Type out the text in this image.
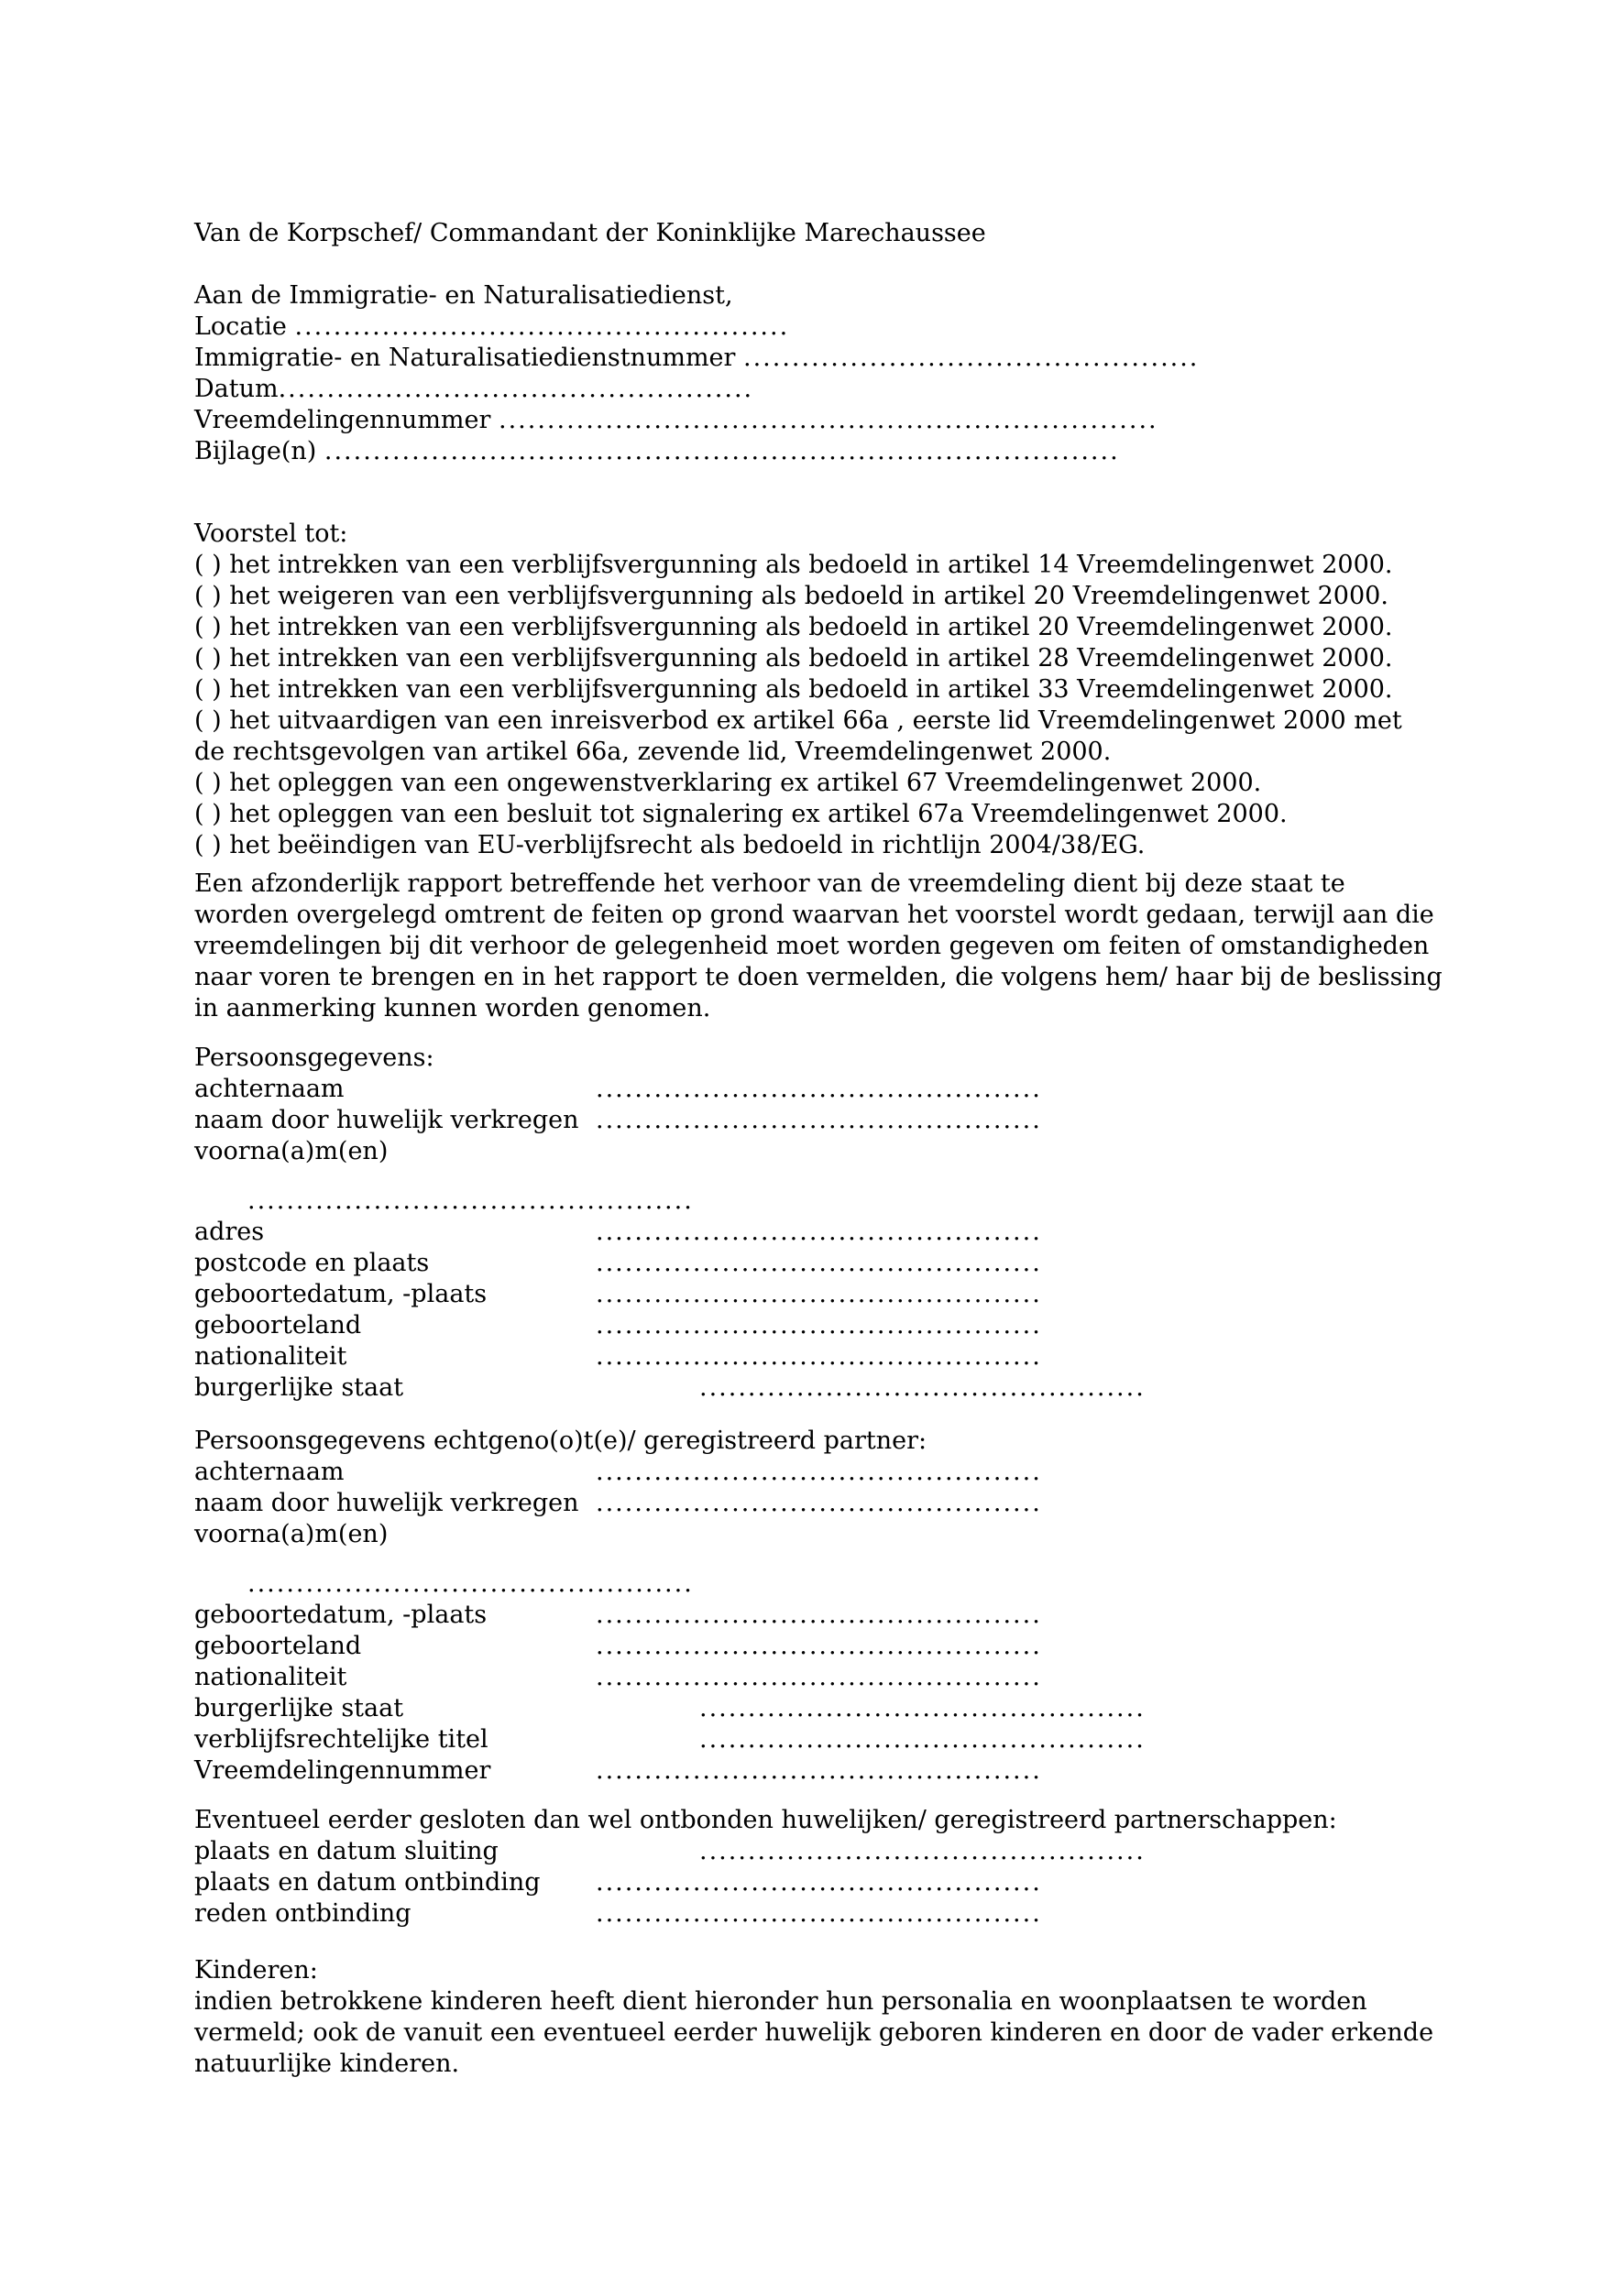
Van de Korpschef/ Commandant der Koninklijke Marechaussee
Aan de Immigratie- en Naturalisatiedienst,
Locatie ...................................................
Immigratie- en Naturalisatiedienstnummer ...............................................
Datum.................................................
Vreemdelingennummer ....................................................................
Bijlage(n) ..................................................................................
Voorstel tot:
( ) het intrekken van een verblijfsvergunning als bedoeld in artikel 14 Vreemdelingenwet 2000.
( ) het weigeren van een verblijfsvergunning als bedoeld in artikel 20 Vreemdelingenwet 2000.
( ) het intrekken van een verblijfsvergunning als bedoeld in artikel 20 Vreemdelingenwet 2000.
( ) het intrekken van een verblijfsvergunning als bedoeld in artikel 28 Vreemdelingenwet 2000.
( ) het intrekken van een verblijfsvergunning als bedoeld in artikel 33 Vreemdelingenwet 2000.
( ) het uitvaardigen van een inreisverbod ex artikel 66a , eerste lid Vreemdelingenwet 2000 met
de rechtsgevolgen van artikel 66a, zevende lid, Vreemdelingenwet 2000.
( ) het opleggen van een ongewenstverklaring ex artikel 67 Vreemdelingenwet 2000.
( ) het opleggen van een besluit tot signalering ex artikel 67a Vreemdelingenwet 2000.
( ) het beëindigen van EU-verblijfsrecht als bedoeld in richtlijn 2004/38/EG.
Een afzonderlijk rapport betreffende het verhoor van de vreemdeling dient bij deze staat te
worden overgelegd omtrent de feiten op grond waarvan het voorstel wordt gedaan, terwijl aan die
vreemdelingen bij dit verhoor de gelegenheid moet worden gegeven om feiten of omstandigheden
naar voren te brengen en in het rapport te doen vermelden, die volgens hem/ haar bij de beslissing
in aanmerking kunnen worden genomen.
Persoonsgegevens:
achternaam	..............................................
naam door huwelijk verkregen ..............................................
voorna(a)m(en)
..............................................
adres	..............................................
postcode en plaats	..............................................
geboortedatum, -plaats	..............................................
geboorteland	..............................................
nationaliteit	..............................................
burgerlijke staat	..............................................
Persoonsgegevens echtgeno(o)t(e)/ geregistreerd partner:
achternaam	..............................................
naam door huwelijk verkregen ..............................................
voorna(a)m(en)
..............................................
geboortedatum, -plaats	..............................................
geboorteland	..............................................
nationaliteit	..............................................
burgerlijke staat	..............................................
verblijfsrechtelijke titel	..............................................
Vreemdelingennummer	..............................................
Eventueel eerder gesloten dan wel ontbonden huwelijken/ geregistreerd partnerschappen:
plaats en datum sluiting	..............................................
plaats en datum ontbinding	..............................................
reden ontbinding	..............................................
Kinderen:
indien betrokkene kinderen heeft dient hieronder hun personalia en woonplaatsen te worden
vermeld; ook de vanuit een eventueel eerder huwelijk geboren kinderen en door de vader erkende
natuurlijke kinderen.
